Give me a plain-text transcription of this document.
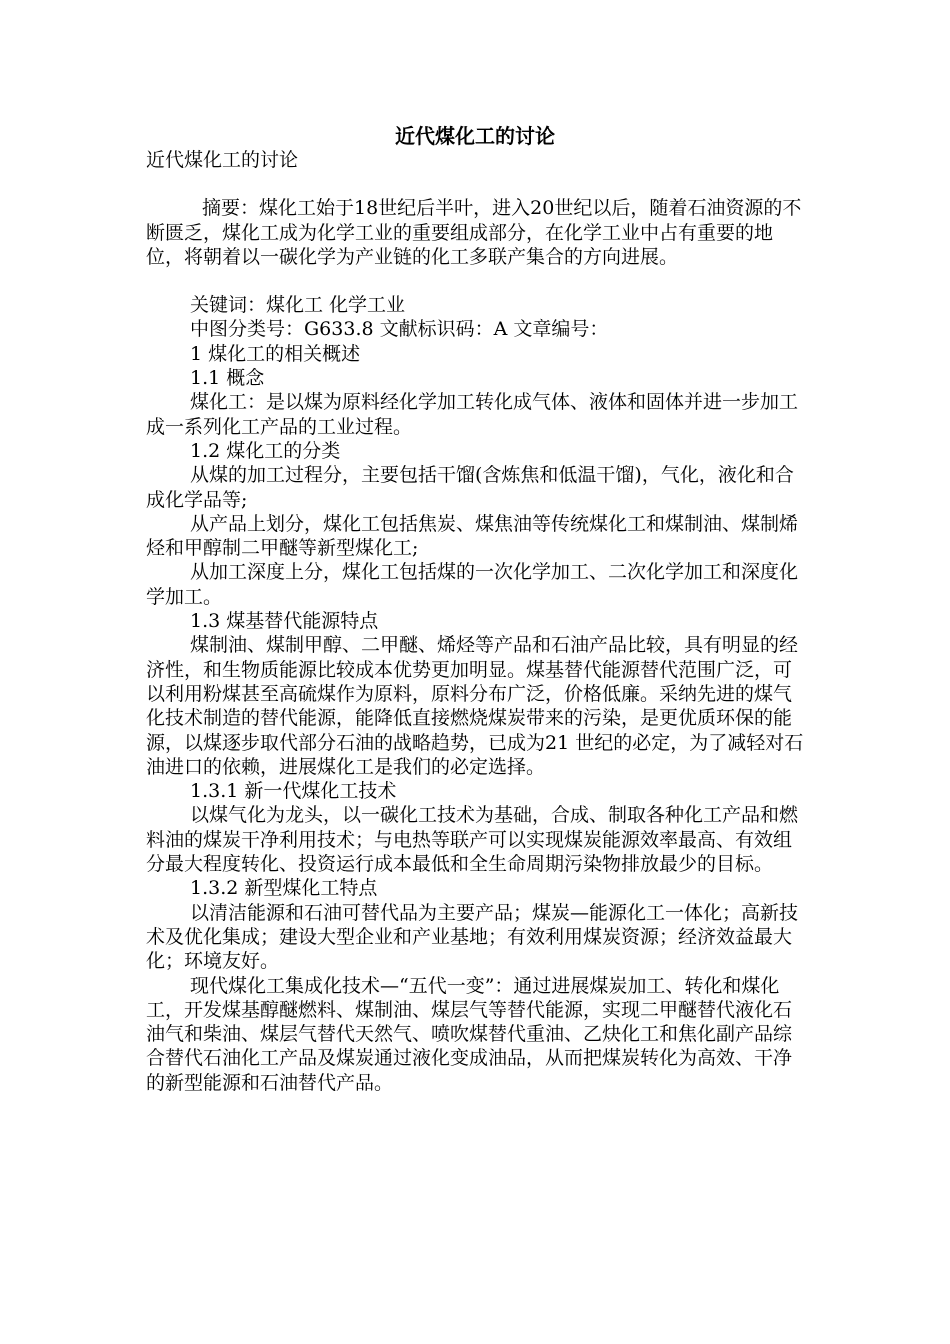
近代煤化工的讨论

近代煤化工的讨论

摘要：煤化工始于18世纪后半叶，进入20世纪以后，随着石油资源的不断匮乏，煤化工成为化学工业的重要组成部分，在化学工业中占有重要的地位，将朝着以一碳化学为产业链的化工多联产集合的方向进展。

关键词：煤化工 化学工业

中图分类号：G633.8 文献标识码：A 文章编号：

1 煤化工的相关概述

1.1 概念

煤化工：是以煤为原料经化学加工转化成气体、液体和固体并进一步加工成一系列化工产品的工业过程。

1.2 煤化工的分类

从煤的加工过程分，主要包括干馏(含炼焦和低温干馏)，气化，液化和合成化学品等;

从产品上划分，煤化工包括焦炭、煤焦油等传统煤化工和煤制油、煤制烯烃和甲醇制二甲醚等新型煤化工;

从加工深度上分，煤化工包括煤的一次化学加工、二次化学加工和深度化学加工。

1.3 煤基替代能源特点

煤制油、煤制甲醇、二甲醚、烯烃等产品和石油产品比较，具有明显的经济性，和生物质能源比较成本优势更加明显。煤基替代能源替代范围广泛，可以利用粉煤甚至高硫煤作为原料，原料分布广泛，价格低廉。采纳先进的煤气化技术制造的替代能源，能降低直接燃烧煤炭带来的污染，是更优质环保的能源，以煤逐步取代部分石油的战略趋势，已成为21 世纪的必定，为了减轻对石油进口的依赖，进展煤化工是我们的必定选择。

1.3.1 新一代煤化工技术

以煤气化为龙头，以一碳化工技术为基础，合成、制取各种化工产品和燃料油的煤炭干净利用技术；与电热等联产可以实现煤炭能源效率最高、有效组分最大程度转化、投资运行成本最低和全生命周期污染物排放最少的目标。

1.3.2 新型煤化工特点

以清洁能源和石油可替代品为主要产品；煤炭—能源化工一体化；高新技术及优化集成；建设大型企业和产业基地；有效利用煤炭资源；经济效益最大化；环境友好。

现代煤化工集成化技术—“五代一变”：通过进展煤炭加工、转化和煤化工，开发煤基醇醚燃料、煤制油、煤层气等替代能源，实现二甲醚替代液化石油气和柴油、煤层气替代天然气、喷吹煤替代重油、乙炔化工和焦化副产品综合替代石油化工产品及煤炭通过液化变成油品，从而把煤炭转化为高效、干净的新型能源和石油替代产品。
